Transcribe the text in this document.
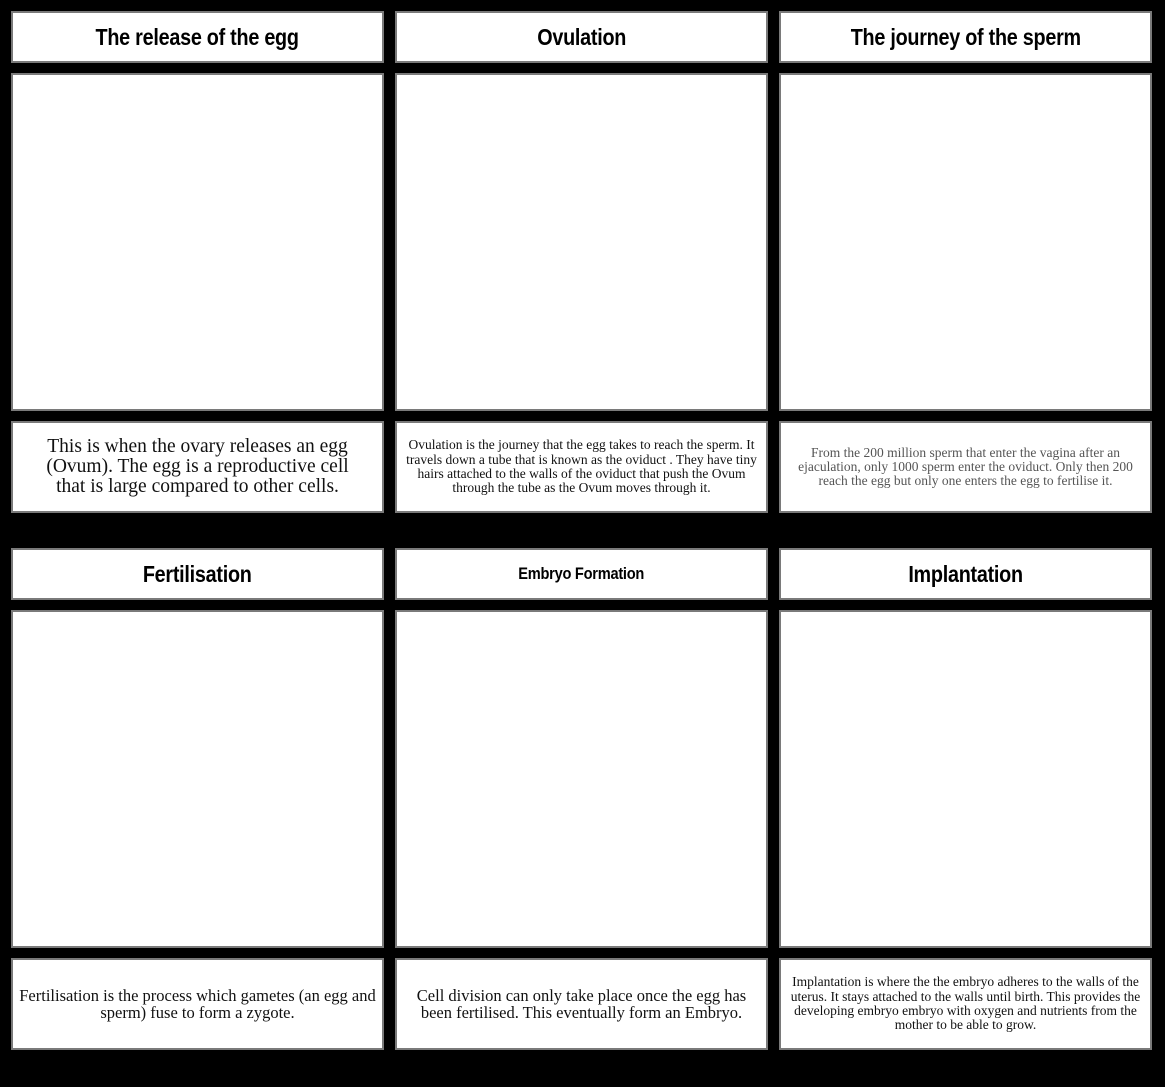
The release of the egg
This is when the ovary releases an egg (Ovum). The egg is a reproductive cell that is large compared to other cells.
Ovulation
Ovulation is the journey that the egg takes to reach the sperm. It travels down a tube that is known as the oviduct . They have tiny hairs attached to the walls of the oviduct that push the Ovum through the tube as the Ovum moves through it.
The journey of the sperm
From the 200 million sperm that enter the vagina after an ejaculation, only 1000 sperm enter the oviduct. Only then 200 reach the egg but only one enters the egg to fertilise it.
Fertilisation
Fertilisation is the process which gametes (an egg and sperm) fuse to form a zygote.
Embryo Formation
Cell division can only take place once the egg has been fertilised. This eventually form an Embryo.
Implantation
Implantation is where the the embryo adheres to the walls of the uterus. It stays attached to the walls until birth. This provides the developing embryo embryo with oxygen and nutrients from the mother to be able to grow.
